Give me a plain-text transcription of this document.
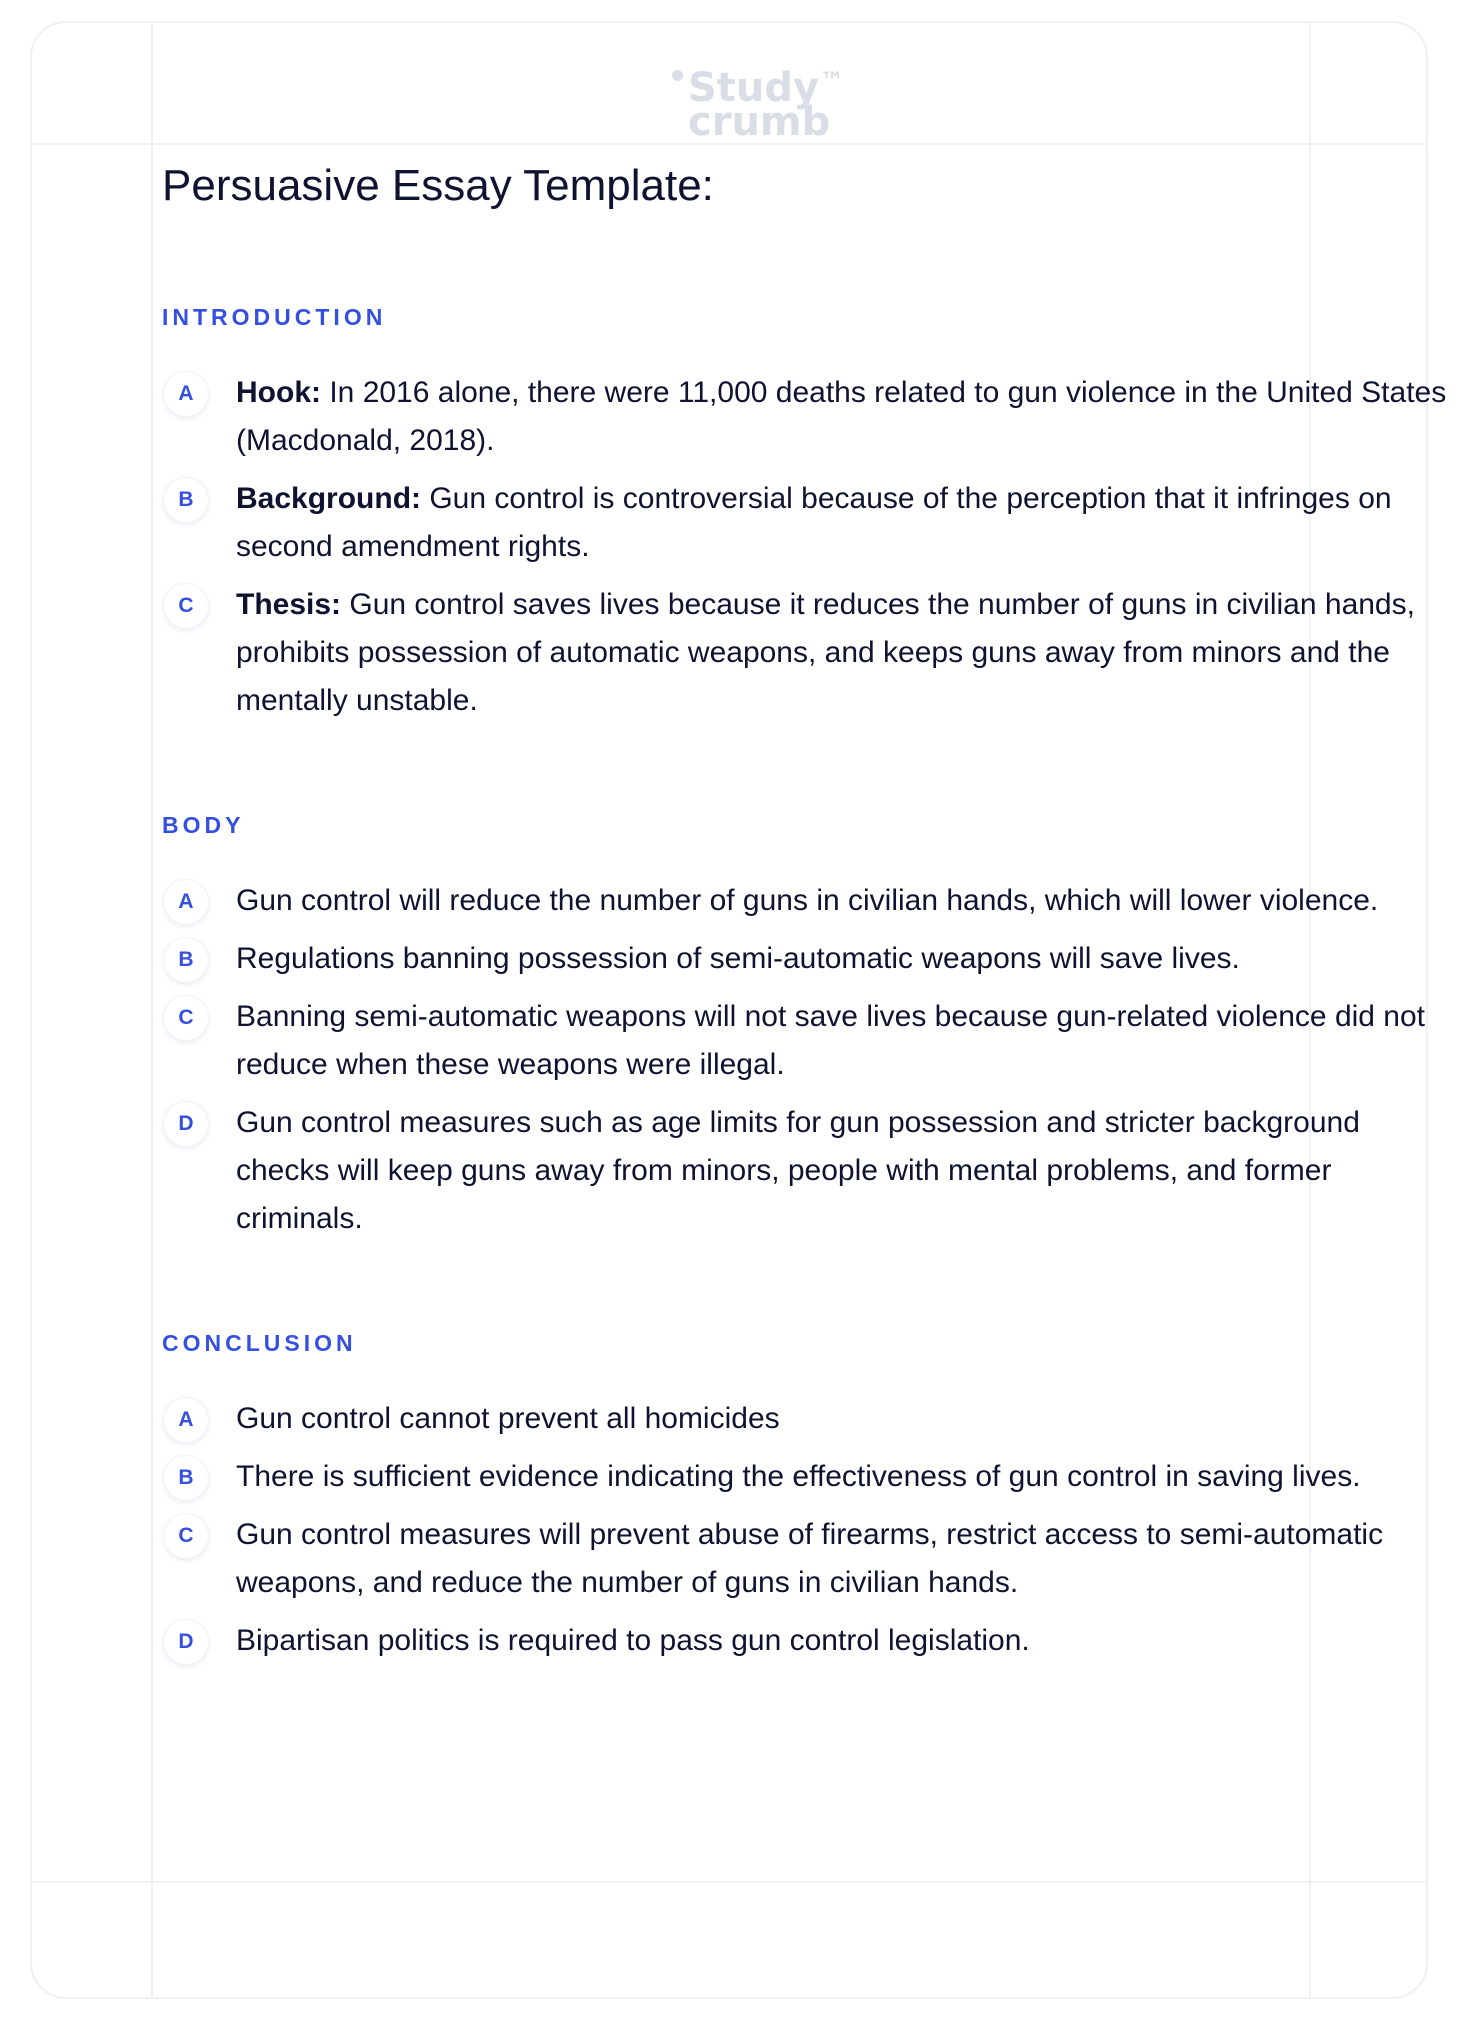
Study ™
crumb
Persuasive Essay Template:
INTRODUCTION
A	Hook: In 2016 alone, there were 11,000 deaths related to gun violence in the United States (Macdonald, 2018).
B	Background: Gun control is controversial because of the perception that it infringes on second amendment rights.
C	Thesis: Gun control saves lives because it reduces the number of guns in civilian hands, prohibits possession of automatic weapons, and keeps guns away from minors and the mentally unstable.
BODY
A	Gun control will reduce the number of guns in civilian hands, which will lower violence.
B	Regulations banning possession of semi-automatic weapons will save lives.
C	Banning semi-automatic weapons will not save lives because gun-related violence did not reduce when these weapons were illegal.
D	Gun control measures such as age limits for gun possession and stricter background checks will keep guns away from minors, people with mental problems, and former criminals.
CONCLUSION
A	Gun control cannot prevent all homicides
B	There is sufficient evidence indicating the effectiveness of gun control in saving lives.
C	Gun control measures will prevent abuse of firearms, restrict access to semi-automatic weapons, and reduce the number of guns in civilian hands.
D	Bipartisan politics is required to pass gun control legislation.
